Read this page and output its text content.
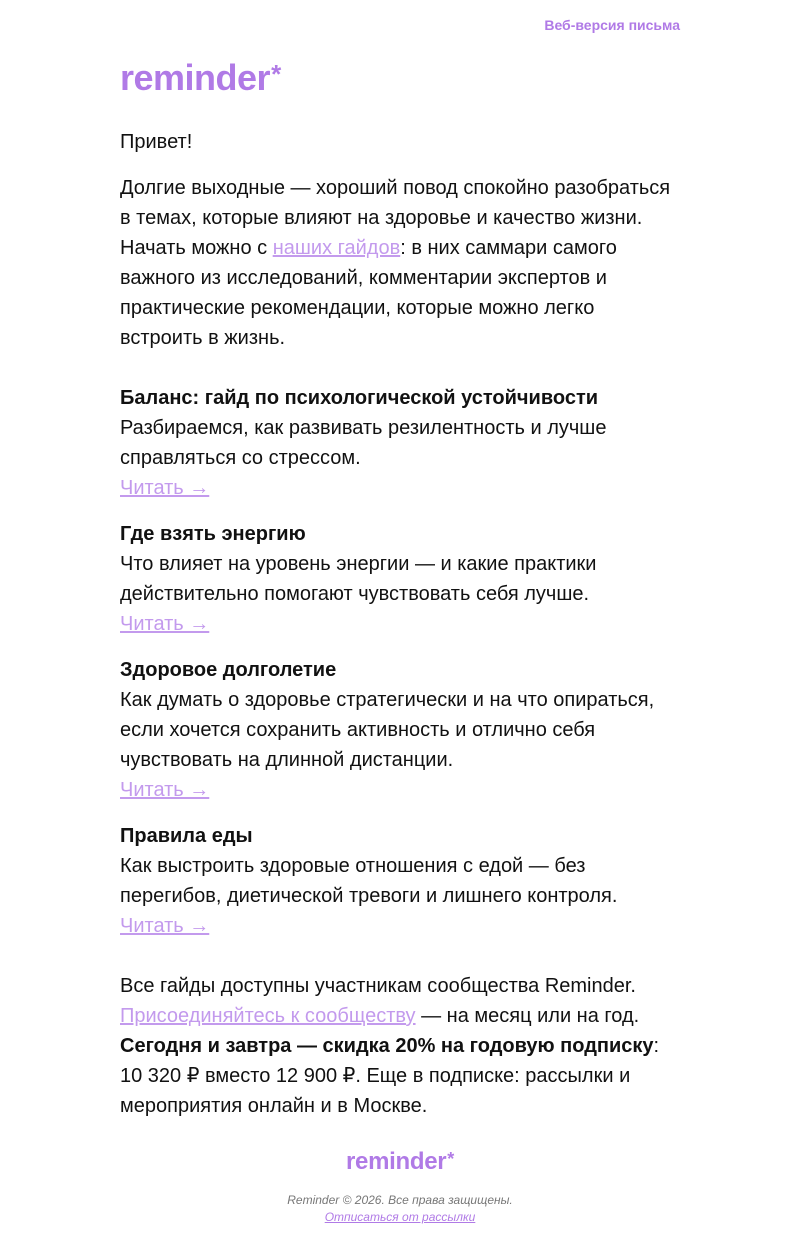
Веб-версия письма
reminder*

Привет!

Долгие выходные — хороший повод спокойно разобраться в темах, которые влияют на здоровье и качество жизни. Начать можно с наших гайдов: в них саммари самого важного из исследований, комментарии экспертов и практические рекомендации, которые можно легко встроить в жизнь.

Баланс: гайд по психологической устойчивости
Разбираемся, как развивать резилентность и лучше справляться со стрессом.
Читать →
Где взять энергию
Что влияет на уровень энергии — и какие практики действительно помогают чувствовать себя лучше.
Читать →
Здоровое долголетие
Как думать о здоровье стратегически и на что опираться, если хочется сохранить активность и отлично себя чувствовать на длинной дистанции.
Читать →
Правила еды
Как выстроить здоровые отношения с едой — без перегибов, диетической тревоги и лишнего контроля.
Читать →

Все гайды доступны участникам сообщества Reminder.
Присоединяйтесь к сообществу — на месяц или на год.
Сегодня и завтра — скидка 20% на годовую подписку: 10 320 ₽ вместо 12 900 ₽. Еще в подписке: рассылки и мероприятия онлайн и в Москве.

reminder*
Reminder © 2026. Все права защищены.
Отписаться от рассылки
